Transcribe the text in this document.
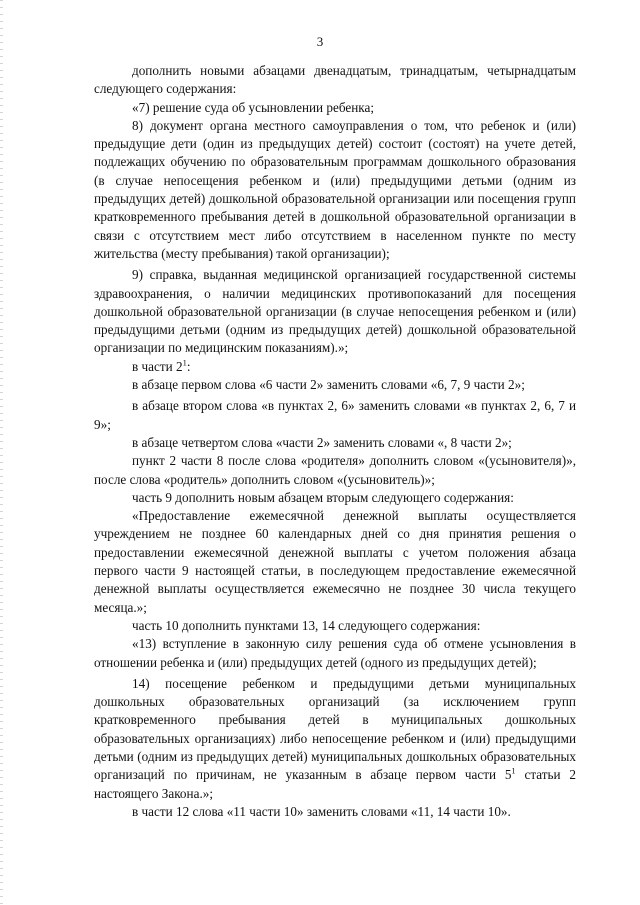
3

дополнить новыми абзацами двенадцатым, тринадцатым, четырнадцатым следующего содержания:

«7) решение суда об усыновлении ребенка;

8) документ органа местного самоуправления о том, что ребенок и (или) предыдущие дети (один из предыдущих детей) состоит (состоят) на учете детей, подлежащих обучению по образовательным программам дошкольного образования (в случае непосещения ребенком и (или) предыдущими детьми (одним из предыдущих детей) дошкольной образовательной организации или посещения групп кратковременного пребывания детей в дошкольной образовательной организации в связи с отсутствием мест либо отсутствием в населенном пункте по месту жительства (месту пребывания) такой организации);

9) справка, выданная медицинской организацией государственной системы здравоохранения, о наличии медицинских противопоказаний для посещения дошкольной образовательной организации (в случае непосещения ребенком и (или) предыдущими детьми (одним из предыдущих детей) дошкольной образовательной организации по медицинским показаниям).»;

в части $2^1$:

в абзаце первом слова «6 части 2» заменить словами «6, 7, 9 части 2»;

в абзаце втором слова «в пунктах 2, 6» заменить словами «в пунктах 2, 6, 7 и 9»;

в абзаце четвертом слова «части 2» заменить словами «, 8 части 2»;

пункт 2 части 8 после слова «родителя» дополнить словом «(усыновителя)», после слова «родитель» дополнить словом «(усыновитель)»;

часть 9 дополнить новым абзацем вторым следующего содержания:

«Предоставление ежемесячной денежной выплаты осуществляется учреждением не позднее 60 календарных дней со дня принятия решения о предоставлении ежемесячной денежной выплаты с учетом положения абзаца первого части 9 настоящей статьи, в последующем предоставление ежемесячной денежной выплаты осуществляется ежемесячно не позднее 30 числа текущего месяца.»;

часть 10 дополнить пунктами 13, 14 следующего содержания:

«13) вступление в законную силу решения суда об отмене усыновления в отношении ребенка и (или) предыдущих детей (одного из предыдущих детей);

14) посещение ребенком и предыдущими детьми муниципальных дошкольных образовательных организаций (за исключением групп кратковременного пребывания детей в муниципальных дошкольных образовательных организациях) либо непосещение ребенком и (или) предыдущими детьми (одним из предыдущих детей) муниципальных дошкольных образовательных организаций по причинам, не указанным в абзаце первом части $5^1$ статьи 2 настоящего Закона.»;

в части 12 слова «11 части 10» заменить словами «11, 14 части 10».
